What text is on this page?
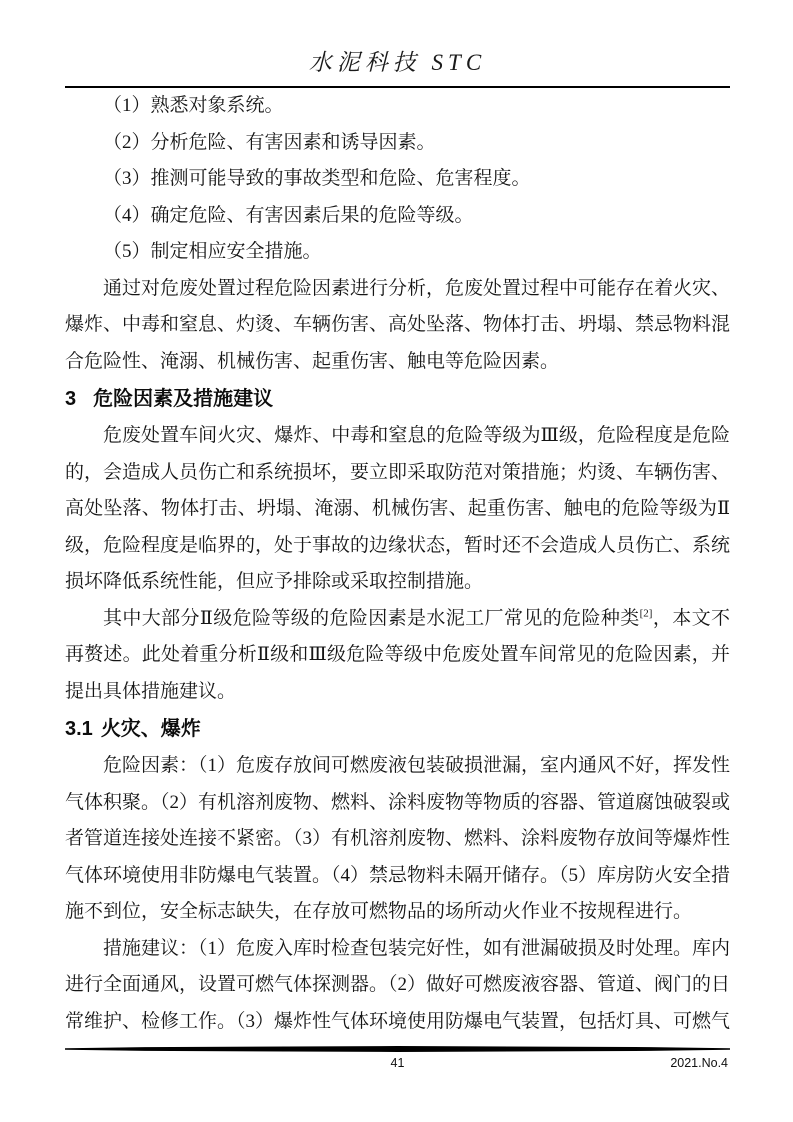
水泥科技 STC
（1）熟悉对象系统。
（2）分析危险、有害因素和诱导因素。
（3）推测可能导致的事故类型和危险、危害程度。
（4）确定危险、有害因素后果的危险等级。
（5）制定相应安全措施。

通过对危废处置过程危险因素进行分析，危废处置过程中可能存在着火灾、爆炸、中毒和窒息、灼烫、车辆伤害、高处坠落、物体打击、坍塌、禁忌物料混合危险性、淹溺、机械伤害、起重伤害、触电等危险因素。

3 危险因素及措施建议

危废处置车间火灾、爆炸、中毒和窒息的危险等级为Ⅲ级，危险程度是危险的，会造成人员伤亡和系统损坏，要立即采取防范对策措施；灼烫、车辆伤害、高处坠落、物体打击、坍塌、淹溺、机械伤害、起重伤害、触电的危险等级为Ⅱ级，危险程度是临界的，处于事故的边缘状态，暂时还不会造成人员伤亡、系统损坏降低系统性能，但应予排除或采取控制措施。

其中大部分Ⅱ级危险等级的危险因素是水泥工厂常见的危险种类[2]，本文不再赘述。此处着重分析Ⅱ级和Ⅲ级危险等级中危废处置车间常见的危险因素，并提出具体措施建议。

3.1 火灾、爆炸

危险因素：（1）危废存放间可燃废液包装破损泄漏，室内通风不好，挥发性气体积聚。（2）有机溶剂废物、燃料、涂料废物等物质的容器、管道腐蚀破裂或者管道连接处连接不紧密。（3）有机溶剂废物、燃料、涂料废物存放间等爆炸性气体环境使用非防爆电气装置。（4）禁忌物料未隔开储存。（5）库房防火安全措施不到位，安全标志缺失，在存放可燃物品的场所动火作业不按规程进行。

措施建议：（1）危废入库时检查包装完好性，如有泄漏破损及时处理。库内进行全面通风，设置可燃气体探测器。（2）做好可燃废液容器、管道、阀门的日常维护、检修工作。（3）爆炸性气体环境使用防爆电气装置，包括灯具、可燃气

41	2021.No.4
